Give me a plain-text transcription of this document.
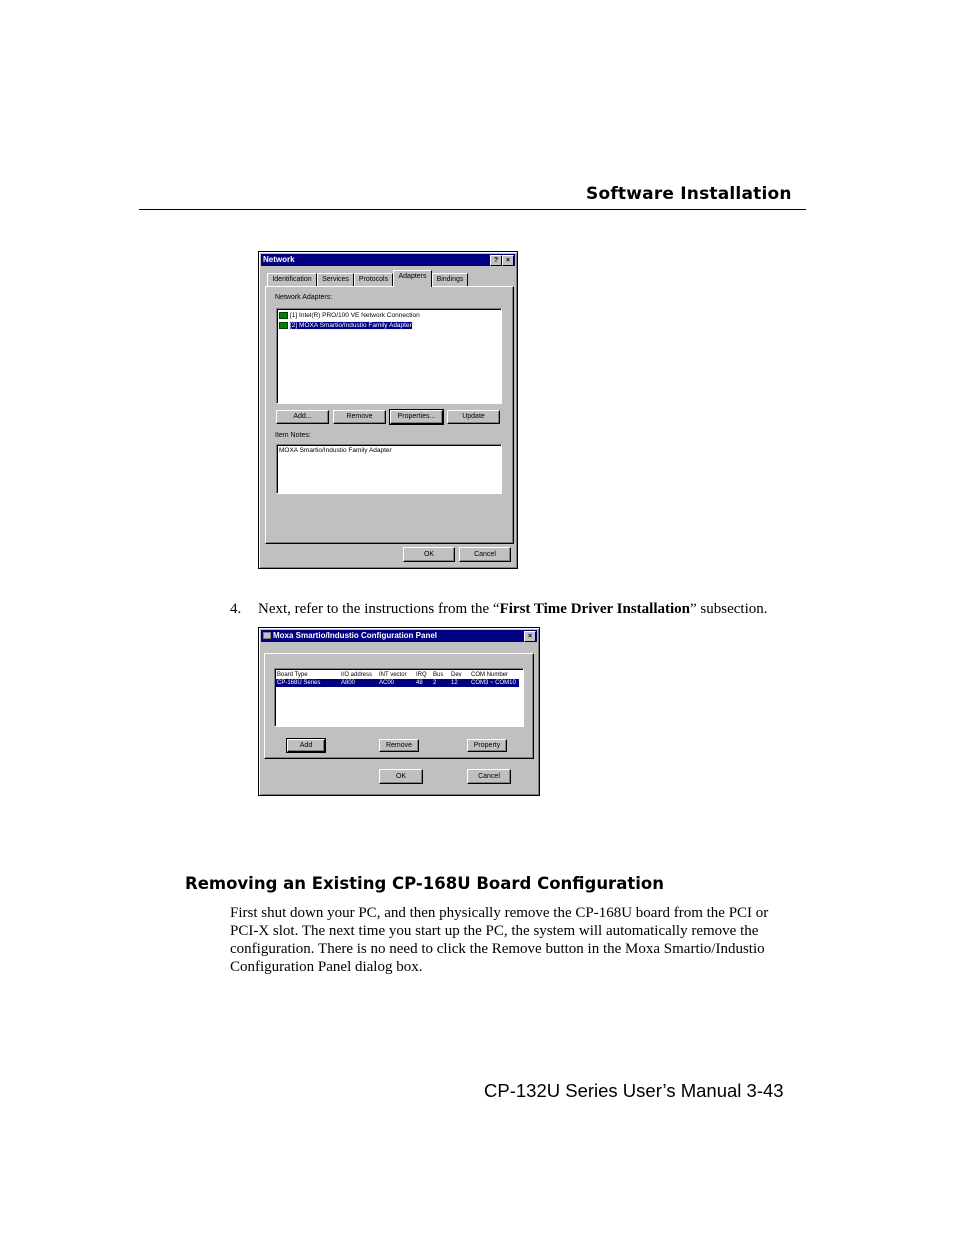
Software Installation
Network	?	×
Identification	Services	Protocols	Adapters	Bindings
Network Adapters:
[1] Intel(R) PRO/100 VE Network Connection
[2] MOXA Smartio/Industio Family Adapter
Add...	Remove	Properties...	Update
Item Notes:
MOXA Smartio/Industio Family Adapter
OK	Cancel
4. Next, refer to the instructions from the “First Time Driver Installation” subsection.
Moxa Smartio/Industio Configuration Panel	×
Board Type	I/O address	INT vector	IRQ	Bus	Dev	COM Number
CP-168U Series	A800	AC00	48	2	12	COM3 ~ COM10
Add	Remove	Property
OK	Cancel
Removing an Existing CP-168U Board Configuration
First shut down your PC, and then physically remove the CP-168U board from the PCI or
PCI-X slot. The next time you start up the PC, the system will automatically remove the
configuration. There is no need to click the Remove button in the Moxa Smartio/Industio
Configuration Panel dialog box.
CP-132U Series User’s Manual 3-43
